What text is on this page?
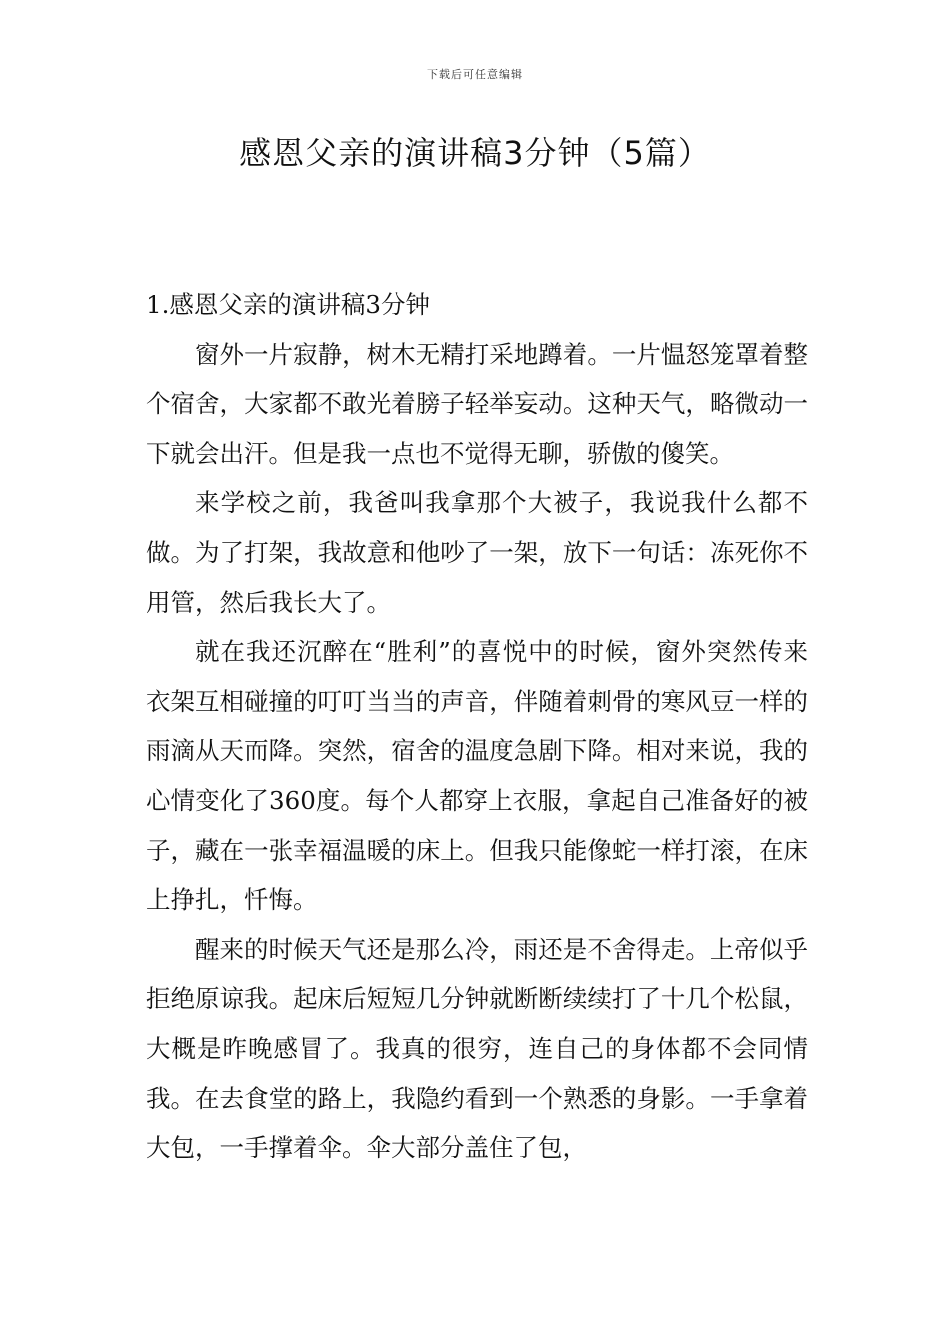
下载后可任意编辑
感恩父亲的演讲稿3分钟（5篇）

1.感恩父亲的演讲稿3分钟

窗外一片寂静，树木无精打采地蹲着。一片愠怒笼罩着整个宿舍，大家都不敢光着膀子轻举妄动。这种天气，略微动一下就会出汗。但是我一点也不觉得无聊，骄傲的傻笑。

来学校之前，我爸叫我拿那个大被子，我说我什么都不做。为了打架，我故意和他吵了一架，放下一句话：冻死你不用管，然后我长大了。

就在我还沉醉在“胜利”的喜悦中的时候，窗外突然传来衣架互相碰撞的叮叮当当的声音，伴随着刺骨的寒风豆一样的雨滴从天而降。突然，宿舍的温度急剧下降。相对来说，我的心情变化了360度。每个人都穿上衣服，拿起自己准备好的被子，藏在一张幸福温暖的床上。但我只能像蛇一样打滚，在床上挣扎，忏悔。

醒来的时候天气还是那么冷，雨还是不舍得走。上帝似乎拒绝原谅我。起床后短短几分钟就断断续续打了十几个松鼠，大概是昨晚感冒了。我真的很穷，连自己的身体都不会同情我。在去食堂的路上，我隐约看到一个熟悉的身影。一手拿着大包，一手撑着伞。伞大部分盖住了包，
